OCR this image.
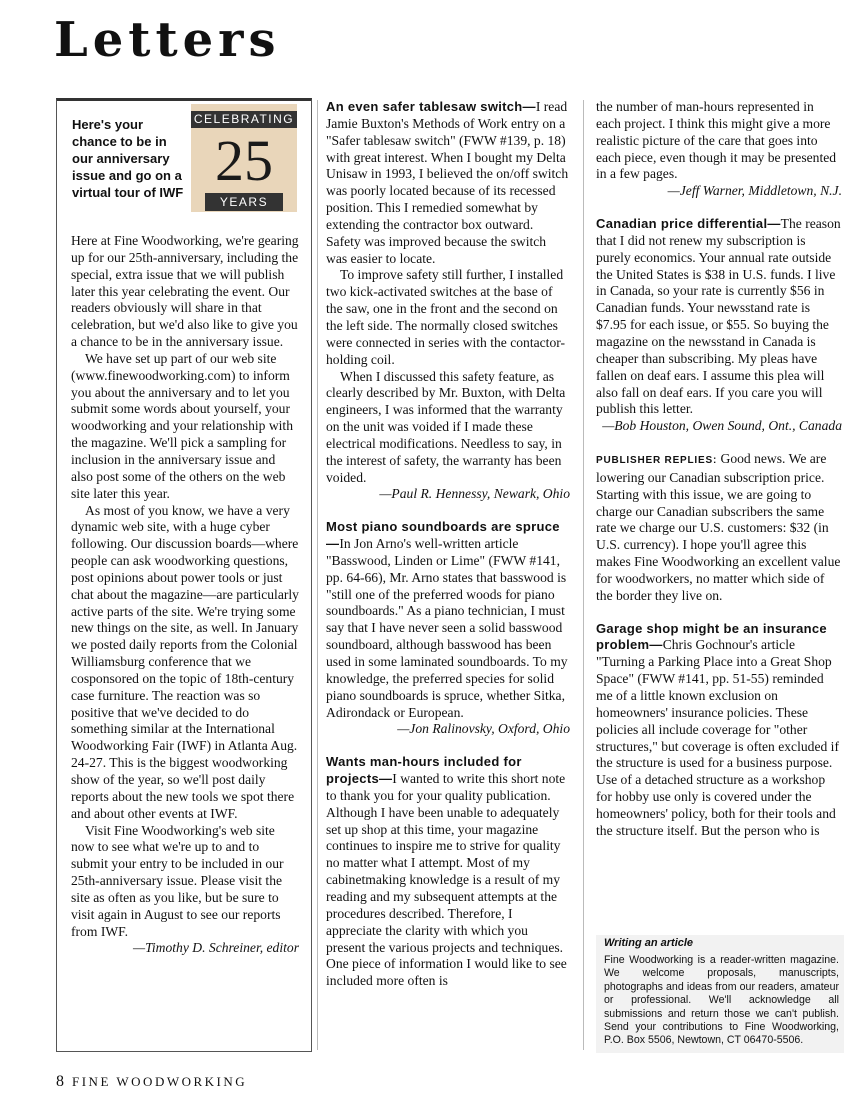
Letters

Here's your chance to be in our anniversary issue and go on a virtual tour of IWF

CELEBRATING
25
YEARS

Here at Fine Woodworking, we're gearing up for our 25th-anniversary, including the special, extra issue that we will publish later this year celebrating the event. Our readers obviously will share in that celebration, but we'd also like to give you a chance to be in the anniversary issue.

We have set up part of our web site (www.finewoodworking.com) to inform you about the anniversary and to let you submit some words about yourself, your woodworking and your relationship with the magazine. We'll pick a sampling for inclusion in the anniversary issue and also post some of the others on the web site later this year.

As most of you know, we have a very dynamic web site, with a huge cyber following. Our discussion boards—where people can ask woodworking questions, post opinions about power tools or just chat about the magazine—are particularly active parts of the site. We're trying some new things on the site, as well. In January we posted daily reports from the Colonial Williamsburg conference that we cosponsored on the topic of 18th-century case furniture. The reaction was so positive that we've decided to do something similar at the International Woodworking Fair (IWF) in Atlanta Aug. 24-27. This is the biggest woodworking show of the year, so we'll post daily reports about the new tools we spot there and about other events at IWF.

Visit Fine Woodworking's web site now to see what we're up to and to submit your entry to be included in our 25th-anniversary issue. Please visit the site as often as you like, but be sure to visit again in August to see our reports from IWF.

—Timothy D. Schreiner, editor

An even safer tablesaw switch—I read Jamie Buxton's Methods of Work entry on a "Safer tablesaw switch" (FWW #139, p. 18) with great interest. When I bought my Delta Unisaw in 1993, I believed the on/off switch was poorly located because of its recessed position. This I remedied somewhat by extending the contractor box outward. Safety was improved because the switch was easier to locate.

To improve safety still further, I installed two kick-activated switches at the base of the saw, one in the front and the second on the left side. The normally closed switches were connected in series with the contactor-holding coil.

When I discussed this safety feature, as clearly described by Mr. Buxton, with Delta engineers, I was informed that the warranty on the unit was voided if I made these electrical modifications. Needless to say, in the interest of safety, the warranty has been voided.

—Paul R. Hennessy, Newark, Ohio

Most piano soundboards are spruce—In Jon Arno's well-written article "Basswood, Linden or Lime" (FWW #141, pp. 64-66), Mr. Arno states that basswood is "still one of the preferred woods for piano soundboards." As a piano technician, I must say that I have never seen a solid basswood soundboard, although basswood has been used in some laminated soundboards. To my knowledge, the preferred species for solid piano soundboards is spruce, whether Sitka, Adirondack or European.

—Jon Ralinovsky, Oxford, Ohio

Wants man-hours included for projects—I wanted to write this short note to thank you for your quality publication. Although I have been unable to adequately set up shop at this time, your magazine continues to inspire me to strive for quality no matter what I attempt. Most of my cabinetmaking knowledge is a result of my reading and my subsequent attempts at the procedures described. Therefore, I appreciate the clarity with which you present the various projects and techniques. One piece of information I would like to see included more often is

the number of man-hours represented in each project. I think this might give a more realistic picture of the care that goes into each piece, even though it may be presented in a few pages.

—Jeff Warner, Middletown, N.J.

Canadian price differential—The reason that I did not renew my subscription is purely economics. Your annual rate outside the United States is $38 in U.S. funds. I live in Canada, so your rate is currently $56 in Canadian funds. Your newsstand rate is $7.95 for each issue, or $55. So buying the magazine on the newsstand in Canada is cheaper than subscribing. My pleas have fallen on deaf ears. I assume this plea will also fall on deaf ears. If you care you will publish this letter.

—Bob Houston, Owen Sound, Ont., Canada

PUBLISHER REPLIES: Good news. We are lowering our Canadian subscription price. Starting with this issue, we are going to charge our Canadian subscribers the same rate we charge our U.S. customers: $32 (in U.S. currency). I hope you'll agree this makes Fine Woodworking an excellent value for woodworkers, no matter which side of the border they live on.

Garage shop might be an insurance problem—Chris Gochnour's article "Turning a Parking Place into a Great Shop Space" (FWW #141, pp. 51-55) reminded me of a little known exclusion on homeowners' insurance policies. These policies all include coverage for "other structures," but coverage is often excluded if the structure is used for a business purpose. Use of a detached structure as a workshop for hobby use only is covered under the homeowners' policy, both for their tools and the structure itself. But the person who is

Writing an article
Fine Woodworking is a reader-written magazine. We welcome proposals, manuscripts, photographs and ideas from our readers, amateur or professional. We'll acknowledge all submissions and return those we can't publish. Send your contributions to Fine Woodworking, P.O. Box 5506, Newtown, CT 06470-5506.
8 FINE WOODWORKING
